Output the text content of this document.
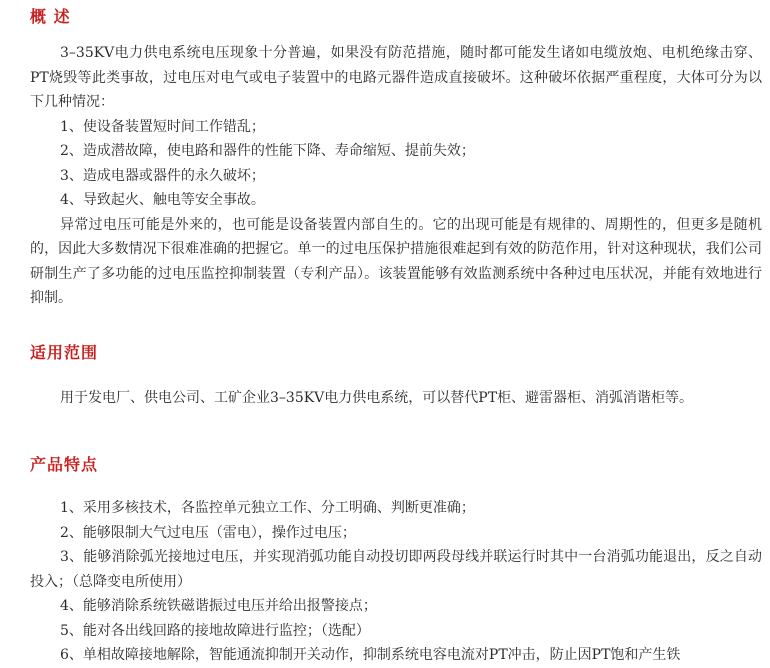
概 述

3–35KV电力供电系统电压现象十分普遍，如果没有防范措施，随时都可能发生诸如电缆放炮、电机绝缘击穿、PT烧毁等此类事故，过电压对电气或电子装置中的电路元器件造成直接破坏。这种破坏依据严重程度，大体可分为以下几种情况：

1、使设备装置短时间工作错乱；

2、造成潜故障，使电路和器件的性能下降、寿命缩短、提前失效；

3、造成电器或器件的永久破坏；

4、导致起火、触电等安全事故。

异常过电压可能是外来的，也可能是设备装置内部自生的。它的出现可能是有规律的、周期性的，但更多是随机的，因此大多数情况下很难准确的把握它。单一的过电压保护措施很难起到有效的防范作用，针对这种现状，我们公司研制生产了多功能的过电压监控抑制装置（专利产品）。该装置能够有效监测系统中各种过电压状况，并能有效地进行抑制。

适用范围

用于发电厂、供电公司、工矿企业3–35KV电力供电系统，可以替代PT柜、避雷器柜、消弧消谐柜等。

产品特点

1、采用多核技术，各监控单元独立工作、分工明确、判断更准确；

2、能够限制大气过电压（雷电），操作过电压；

3、能够消除弧光接地过电压，并实现消弧功能自动投切即两段母线并联运行时其中一台消弧功能退出，反之自动投入；（总降变电所使用）

4、能够消除系统铁磁谐振过电压并给出报警接点；

5、能对各出线回路的接地故障进行监控；（选配）

6、单相故障接地解除，智能通流抑制开关动作，抑制系统电容电流对PT冲击，防止因PT饱和产生铁
